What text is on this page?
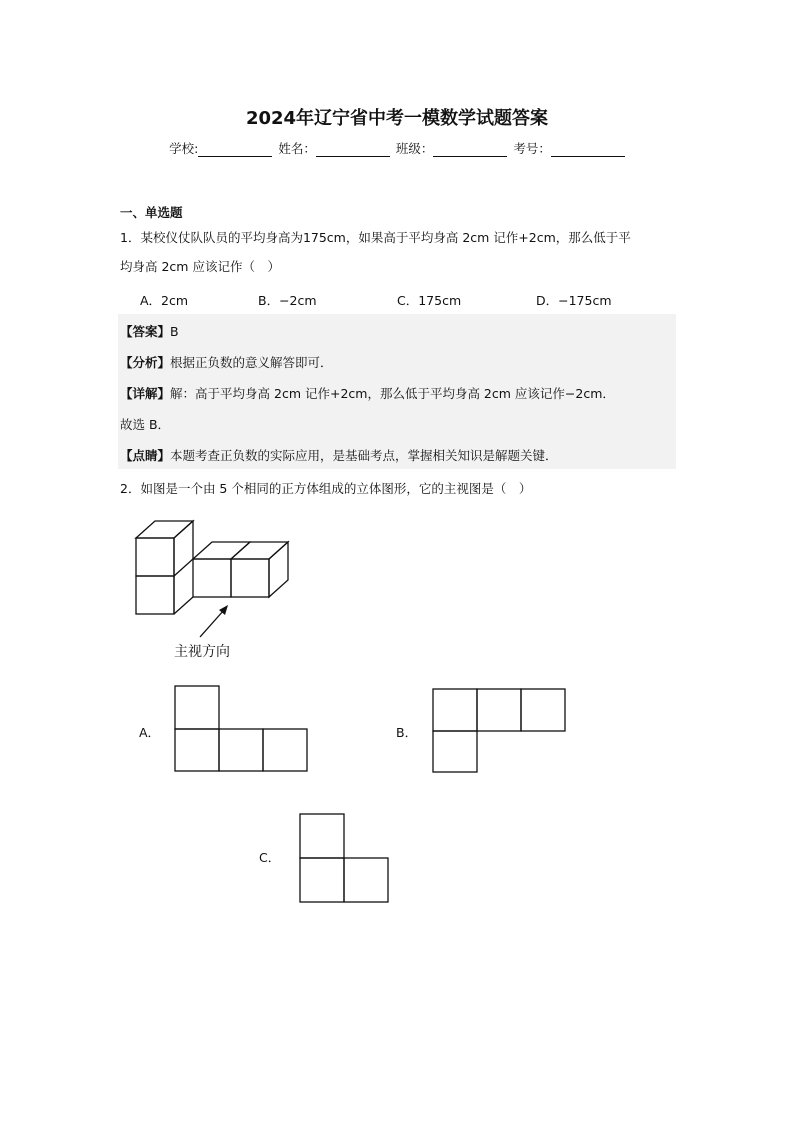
2024年辽宁省中考一模数学试题答案
学校:	姓名：	班级：	考号：
一、单选题
1．某校仪仗队队员的平均身高为175cm，如果高于平均身高 2cm 记作+2cm，那么低于平
均身高 2cm 应该记作（　）
A．2cm	B．−2cm	C．175cm	D．−175cm
【答案】B
【分析】根据正负数的意义解答即可．
【详解】解：高于平均身高 2cm 记作+2cm，那么低于平均身高 2cm 应该记作−2cm．
故选 B．
【点睛】本题考查正负数的实际应用，是基础考点，掌握相关知识是解题关键．
2．如图是一个由 5 个相同的正方体组成的立体图形，它的主视图是（　）
主视方向
A．	B．
C．
